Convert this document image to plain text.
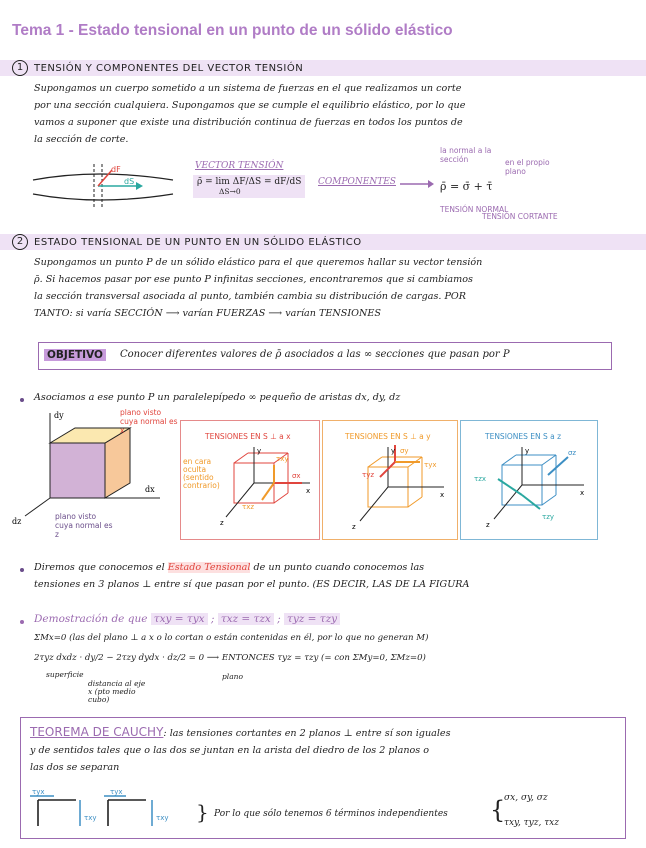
Tema 1 - Estado tensional en un punto de un sólido elástico
1	TENSIÓN Y COMPONENTES DEL VECTOR TENSIÓN
Supongamos un cuerpo sometido a un sistema de fuerzas en el que realizamos un corte
por una sección cualquiera. Supongamos que se cumple el equilibrio elástico, por lo que
vamos a suponer que existe una distribución continua de fuerzas en todos los puntos de
la sección de corte.
dF
dS
VECTOR TENSIÓN
ρ̄ = lim ΔF/ΔS = dF/dS
ΔS→0
COMPONENTES
la normal a la sección	en el propio plano
ρ̄ = σ̄ + τ̄
TENSIÓN NORMAL
TENSIÓN CORTANTE
2	ESTADO TENSIONAL DE UN PUNTO EN UN SÓLIDO ELÁSTICO
Supongamos un punto P de un sólido elástico para el que queremos hallar su vector tensión
ρ̄. Si hacemos pasar por ese punto P infinitas secciones, encontraremos que si cambiamos
la sección transversal asociada al punto, también cambia su distribución de cargas. POR
TANTO: si varía SECCIÓN ⟶ varían FUERZAS ⟶ varían TENSIONES
OBJETIVO	Conocer diferentes valores de ρ̄ asociados a las ∞ secciones que pasan por P
Asociamos a ese punto P un paralelepípedo ∞ pequeño de aristas dx, dy, dz
dy
dx
dz
plano visto cuya normal es x
plano visto cuya normal es z
TENSIONES EN S ⊥ a x
en cara oculta (sentido contrario)
y
z
x
σx
τxy
τxz
TENSIONES EN S ⊥ a y
y
z
x
σy
τyx
τyz
TENSIONES EN S a z
y
z
x
σz
τzx
τzy
Diremos que conocemos el Estado Tensional de un punto cuando conocemos las
tensiones en 3 planos ⊥ entre sí que pasan por el punto. (ES DECIR, LAS DE LA FIGURA
Demostración de que τxy = τyx ; τxz = τzx ; τyz = τzy
ΣMx=0 (las del plano ⊥ a x o lo cortan o están contenidas en él, por lo que no generan M)
2τyz dxdz · dy/2 − 2τzy dydx · dz/2 = 0 ⟶ ENTONCES τyz = τzy (= con ΣMy=0, ΣMz=0)
superficie
distancia al eje x (pto medio cubo)
plano
TEOREMA DE CAUCHY: las tensiones cortantes en 2 planos ⊥ entre sí son iguales
y de sentidos tales que o las dos se juntan en la arista del diedro de los 2 planos o
las dos se separan
τyx
τxy
τyx
τxy } Por lo que sólo tenemos 6 términos independientes {
σx, σy, σz
τxy, τyz, τxz
